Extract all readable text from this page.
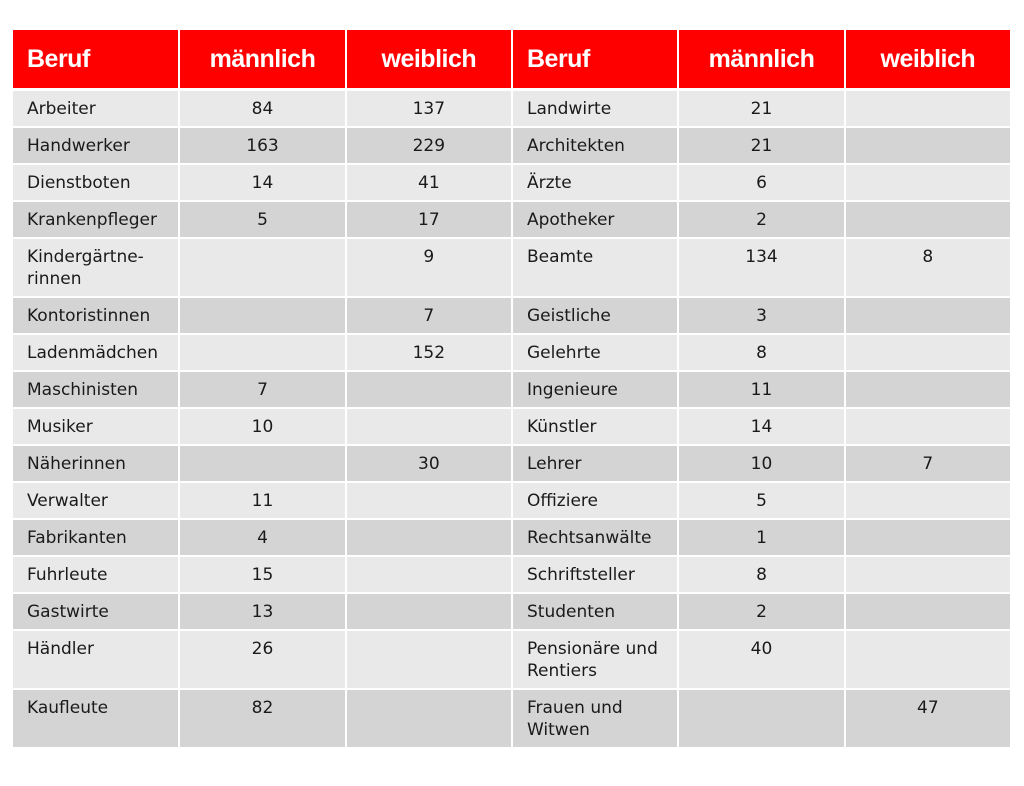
Beruf	männlich	weiblich	Beruf	männlich	weiblich
Arbeiter	84	137	Landwirte	21	
Handwerker	163	229	Architekten	21	
Dienstboten	14	41	Ärzte	6	
Krankenpfleger	5	17	Apotheker	2	
Kindergärtne-rinnen		9	Beamte	134	8
Kontoristinnen		7	Geistliche	3	
Ladenmädchen		152	Gelehrte	8	
Maschinisten	7		Ingenieure	11	
Musiker	10		Künstler	14	
Näherinnen		30	Lehrer	10	7
Verwalter	11		Offiziere	5	
Fabrikanten	4		Rechtsanwälte	1	
Fuhrleute	15		Schriftsteller	8	
Gastwirte	13		Studenten	2	
Händler	26		Pensionäre und Rentiers	40	
Kaufleute	82		Frauen und Witwen		47
